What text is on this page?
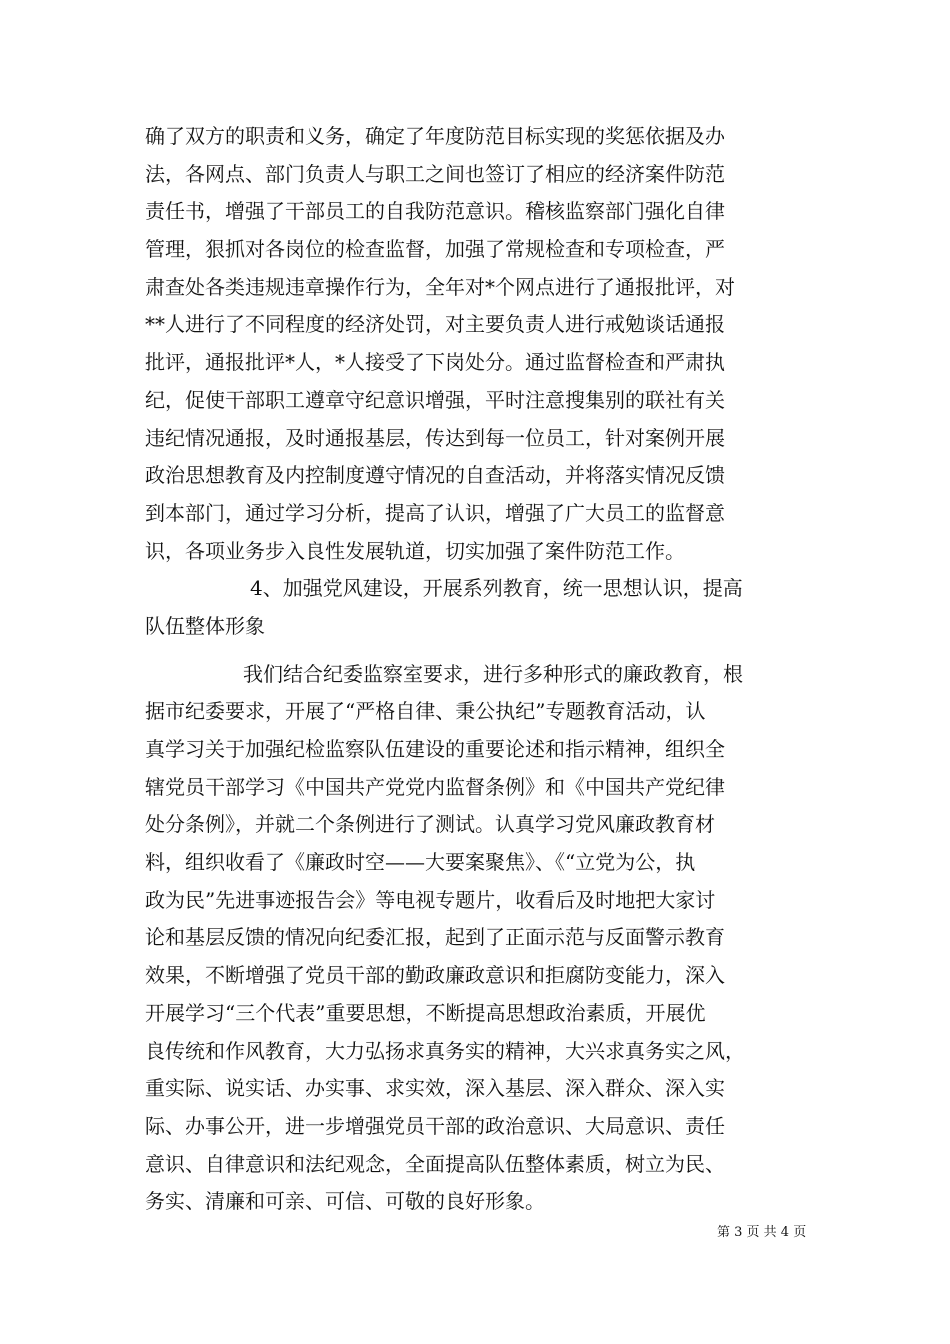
确了双方的职责和义务，确定了年度防范目标实现的奖惩依据及办
法，各网点、部门负责人与职工之间也签订了相应的经济案件防范
责任书，增强了干部员工的自我防范意识。稽核监察部门强化自律
管理，狠抓对各岗位的检查监督，加强了常规检查和专项检查，严
肃查处各类违规违章操作行为，全年对*个网点进行了通报批评，对
**人进行了不同程度的经济处罚，对主要负责人进行戒勉谈话通报
批评，通报批评*人，*人接受了下岗处分。通过监督检查和严肃执
纪，促使干部职工遵章守纪意识增强，平时注意搜集别的联社有关
违纪情况通报，及时通报基层，传达到每一位员工，针对案例开展
政治思想教育及内控制度遵守情况的自查活动，并将落实情况反馈
到本部门，通过学习分析，提高了认识，增强了广大员工的监督意
识，各项业务步入良性发展轨道，切实加强了案件防范工作。
4、加强党风建设，开展系列教育，统一思想认识，提高
队伍整体形象
我们结合纪委监察室要求，进行多种形式的廉政教育，根
据市纪委要求，开展了“严格自律、秉公执纪”专题教育活动，认
真学习关于加强纪检监察队伍建设的重要论述和指示精神，组织全
辖党员干部学习《中国共产党党内监督条例》和《中国共产党纪律
处分条例》，并就二个条例进行了测试。认真学习党风廉政教育材
料，组织收看了《廉政时空——大要案聚焦》、《“立党为公，执
政为民”先进事迹报告会》等电视专题片，收看后及时地把大家讨
论和基层反馈的情况向纪委汇报，起到了正面示范与反面警示教育
效果，不断增强了党员干部的勤政廉政意识和拒腐防变能力，深入
开展学习“三个代表”重要思想，不断提高思想政治素质，开展优
良传统和作风教育，大力弘扬求真务实的精神，大兴求真务实之风，
重实际、说实话、办实事、求实效，深入基层、深入群众、深入实
际、办事公开，进一步增强党员干部的政治意识、大局意识、责任
意识、自律意识和法纪观念，全面提高队伍整体素质，树立为民、
务实、清廉和可亲、可信、可敬的良好形象。
第 3 页 共 4 页
